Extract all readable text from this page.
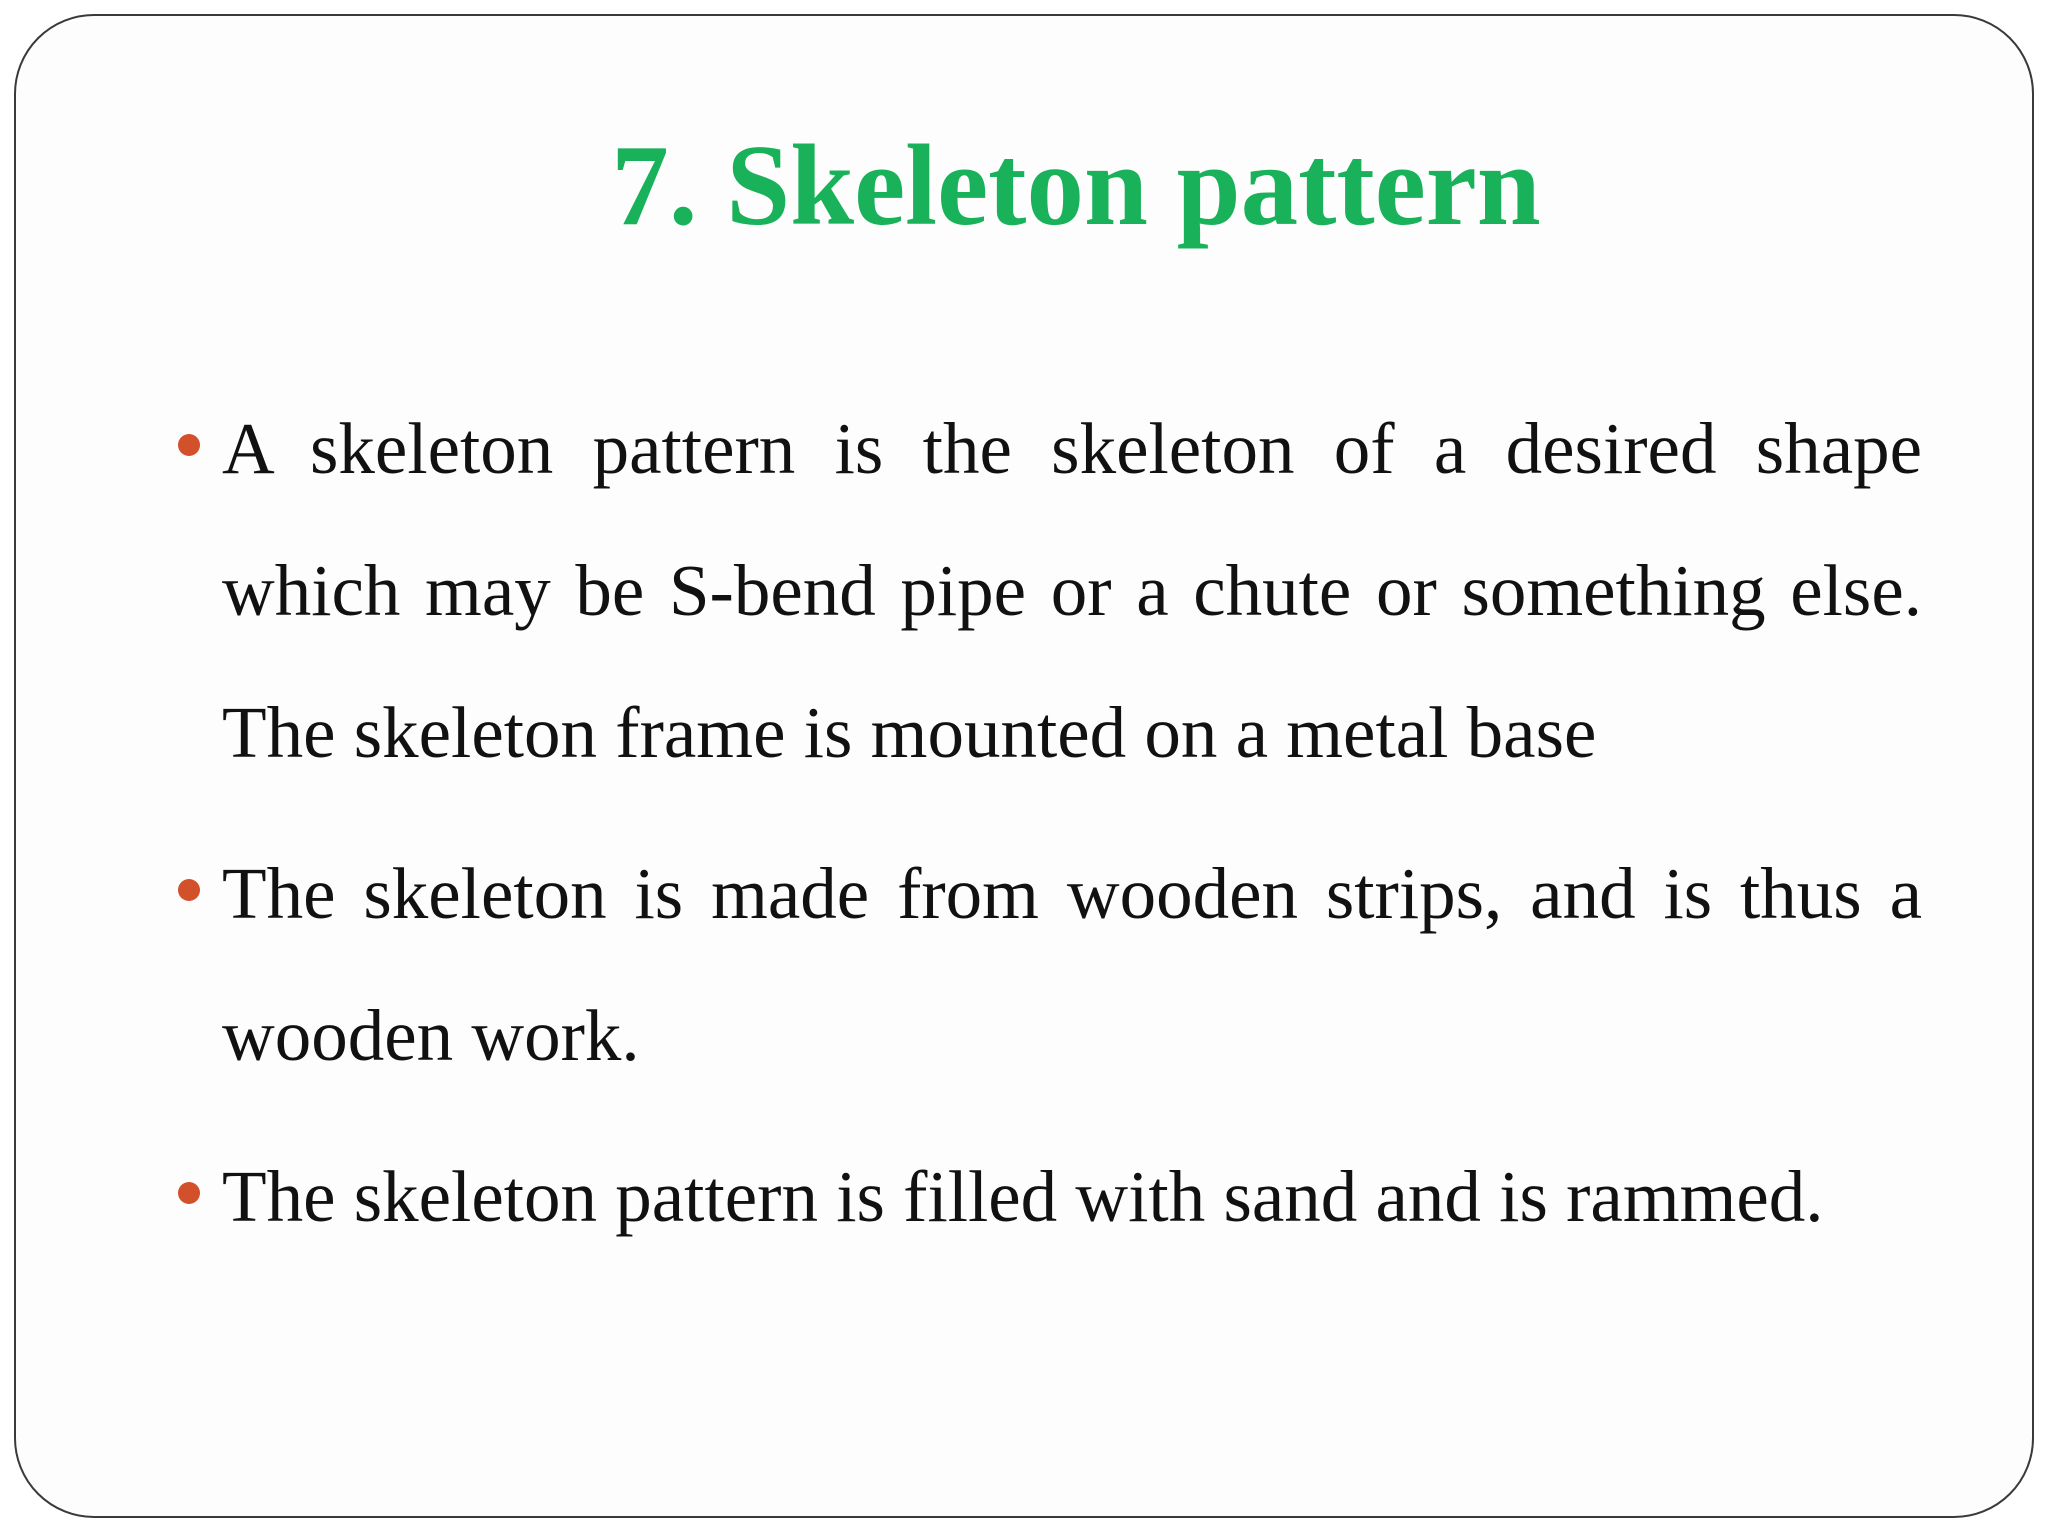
7. Skeleton pattern
A skeleton pattern is the skeleton of a desired shape which may be S-bend pipe or a chute or something else. The skeleton frame is mounted on a metal base
The skeleton is made from wooden strips, and is thus a wooden work.
The skeleton pattern is filled with sand and is rammed.
